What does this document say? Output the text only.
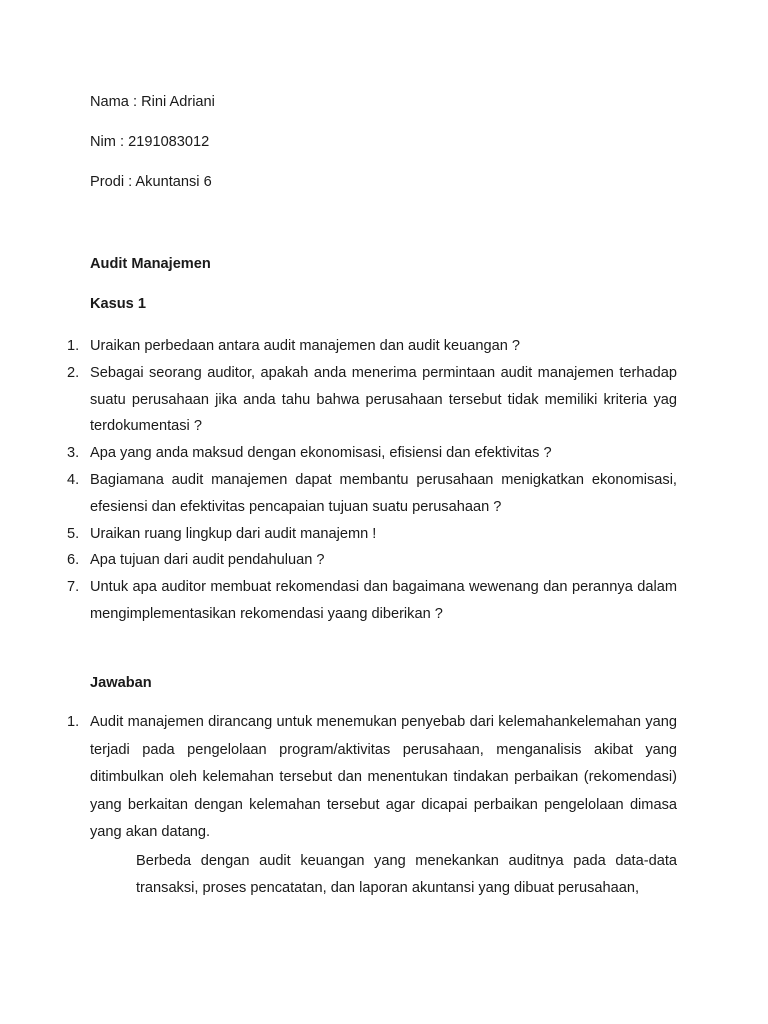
Nama : Rini Adriani

Nim : 2191083012

Prodi : Akuntansi 6

Audit Manajemen

Kasus 1

1. Uraikan perbedaan antara audit manajemen dan audit keuangan ?
2. Sebagai seorang auditor, apakah anda menerima permintaan audit manajemen terhadap suatu perusahaan jika anda tahu bahwa perusahaan tersebut tidak memiliki kriteria yag terdokumentasi ?
3. Apa yang anda maksud dengan ekonomisasi, efisiensi dan efektivitas ?
4. Bagiamana audit manajemen dapat membantu perusahaan menigkatkan ekonomisasi, efesiensi dan efektivitas pencapaian tujuan suatu perusahaan ?
5. Uraikan ruang lingkup dari audit manajemn !
6. Apa tujuan dari audit pendahuluan ?
7. Untuk apa auditor membuat rekomendasi dan bagaimana wewenang dan perannya dalam mengimplementasikan rekomendasi yaang diberikan ?

Jawaban

1. Audit manajemen dirancang untuk menemukan penyebab dari kelemahankelemahan yang terjadi pada pengelolaan program/aktivitas perusahaan, menganalisis akibat yang ditimbulkan oleh kelemahan tersebut dan menentukan tindakan perbaikan (rekomendasi) yang berkaitan dengan kelemahan tersebut agar dicapai perbaikan pengelolaan dimasa yang akan datang.

Berbeda dengan audit keuangan yang menekankan auditnya pada data-data transaksi, proses pencatatan, dan laporan akuntansi yang dibuat perusahaan,
